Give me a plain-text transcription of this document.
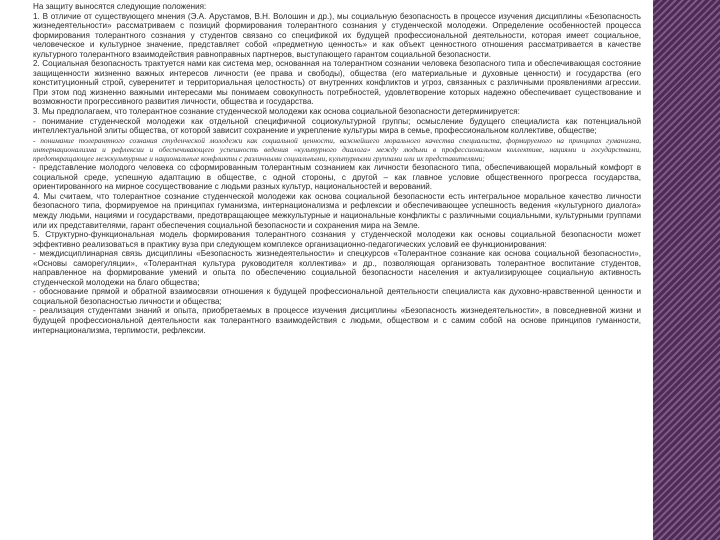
На защиту выносятся следующие положения:

1. В отличие от существующего мнения (Э.А. Арустамов, В.Н. Волошин и др.), мы социальную безопасность в процессе изучения дисциплины «Безопасность жизнедеятельности» рассматриваем с позиций формирования толерантного сознания у студенческой молодежи. Определение особенностей процесса формирования толерантного сознания у студентов связано со спецификой их будущей профессиональной деятельности, которая имеет социальное, человеческое и культурное значение, представляет собой «предметную ценность» и как объект ценностного отношения рассматривается в качестве культурного толерантного взаимодействия равноправных партнеров, выступающего гарантом социальной безопасности.

2. Социальная безопасность трактуется нами как система мер, основанная на толерантном сознании человека безопасного типа и обеспечивающая состояние защищенности жизненно важных интересов личности (ее права и свободы), общества (его материальные и духовные ценности) и государства (его конституционный строй, суверенитет и территориальная целостность) от внутренних конфликтов и угроз, связанных с различными проявлениями агрессии. При этом под жизненно важными интересами мы понимаем совокупность потребностей, удовлетворение которых надежно обеспечивает существование и возможности прогрессивного развития личности, общества и государства.

3. Мы предполагаем, что толерантное сознание студенческой молодежи как основа социальной безопасности детерминируется:

- понимание студенческой молодежи как отдельной специфичной социокультурной группы; осмысление будущего специалиста как потенциальной интеллектуальной элиты общества, от которой зависит сохранение и укрепление культуры мира в семье, профессиональном коллективе, обществе;

- понимание толерантного сознания студенческой молодежи как социальной ценности, важнейшего морального качества специалиста, формируемого на принципах гуманизма, интернационализма и рефлексии и обеспечивающего успешность ведения «культурного диалога» между людьми в профессиональном коллективе, нациями и государствами, предотвращающее межкультурные и национальные конфликты с различными социальными, культурными группами или их представителями;

- представление молодого человека со сформированным толерантным сознанием как личности безопасного типа, обеспечивающей моральный комфорт в социальной среде, успешную адаптацию в обществе, с одной стороны, с другой – как главное условие общественного прогресса государства, ориентированного на мирное сосуществование с людьми разных культур, национальностей и верований.

4. Мы считаем, что толерантное сознание студенческой молодежи как основа социальной безопасности есть интегральное моральное качество личности безопасного типа, формируемое на принципах гуманизма, интернационализма и рефлексии и обеспечивающее успешность ведения «культурного диалога» между людьми, нациями и государствами, предотвращающее межкультурные и национальные конфликты с различными социальными, культурными группами или их представителями, гарант обеспечения социальной безопасности и сохранения мира на Земле.

5. Структурно-функциональная модель формирования толерантного сознания у студенческой молодежи как основы социальной безопасности может эффективно реализоваться в практику вуза при следующем комплексе организационно-педагогических условий ее функционирования:

- междисциплинарная связь дисциплины «Безопасность жизнедеятельности» и спецкурсов «Толерантное сознание как основа социальной безопасности», «Основы саморегуляции», «Толерантная культура руководителя коллектива» и др., позволяющая организовать толерантное воспитание студентов, направленное на формирование умений и опыта по обеспечению социальной безопасности населения и актуализирующее социальную активность студенческой молодежи на благо общества;

- обоснование прямой и обратной взаимосвязи отношения к будущей профессиональной деятельности специалиста как духовно-нравственной ценности и социальной безопасностью личности и общества;

- реализация студентами знаний и опыта, приобретаемых в процессе изучения дисциплины «Безопасность жизнедеятельности», в повседневной жизни и будущей профессиональной деятельности как толерантного взаимодействия с людьми, обществом и с самим собой на основе принципов гуманности, интернационализма, терпимости, рефлексии.
